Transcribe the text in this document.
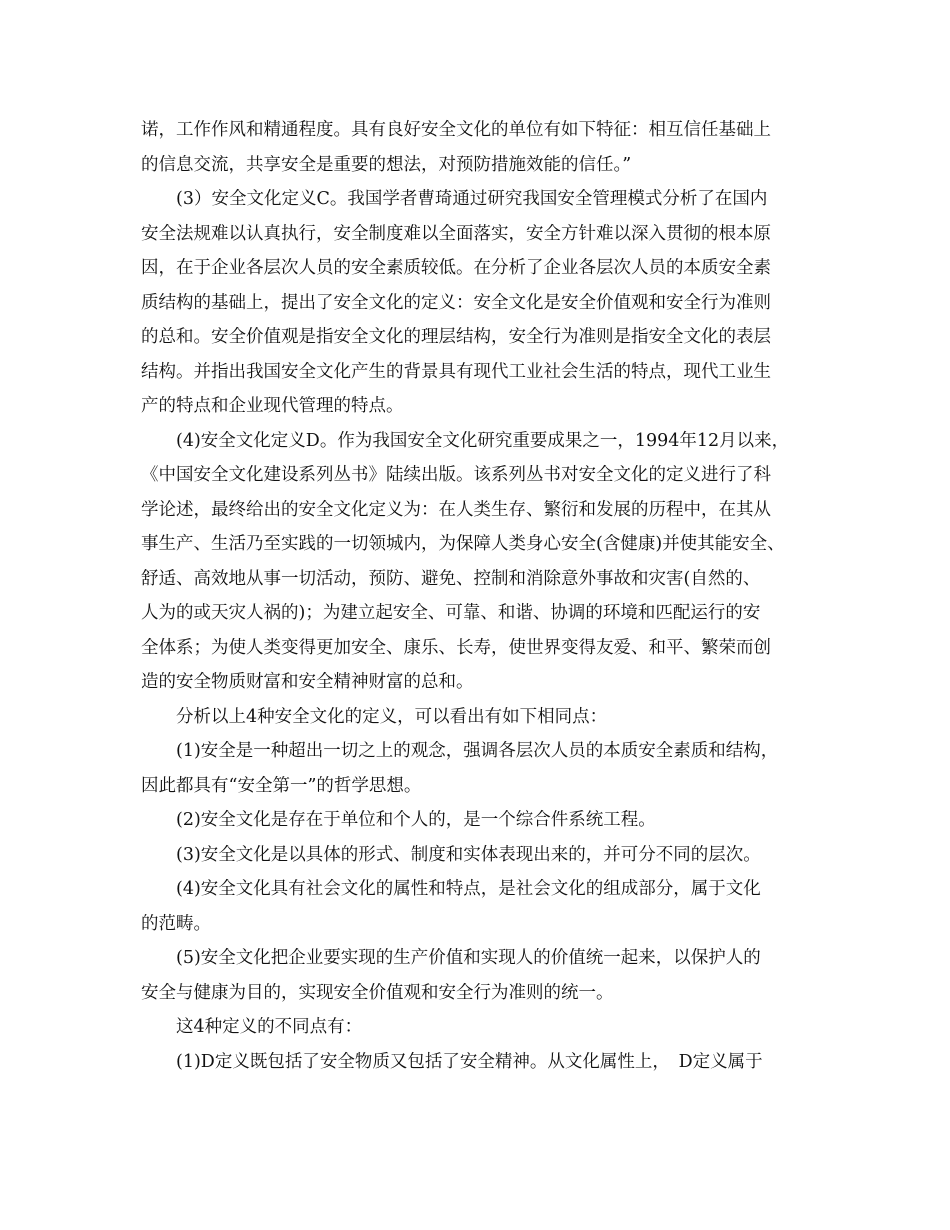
诺，工作作风和精通程度。具有良好安全文化的单位有如下特征：相互信任基础上
的信息交流，共享安全是重要的想法，对预防措施效能的信任。”
　　(3）安全文化定义C。我国学者曹琦通过研究我国安全管理模式分析了在国内
安全法规难以认真执行，安全制度难以全面落实，安全方针难以深入贯彻的根本原
因，在于企业各层次人员的安全素质较低。在分析了企业各层次人员的本质安全素
质结构的基础上，提出了安全文化的定义：安全文化是安全价值观和安全行为准则
的总和。安全价值观是指安全文化的理层结构，安全行为准则是指安全文化的表层
结构。并指出我国安全文化产生的背景具有现代工业社会生活的特点，现代工业生
产的特点和企业现代管理的特点。
　　(4)安全文化定义D。作为我国安全文化研究重要成果之一，1994年12月以来，
《中国安全文化建设系列丛书》陆续出版。该系列丛书对安全文化的定义进行了科
学论述，最终给出的安全文化定义为：在人类生存、繁衍和发展的历程中，在其从
事生产、生活乃至实践的一切领城内，为保障人类身心安全(含健康)并使其能安全、
舒适、高效地从事一切活动，预防、避免、控制和消除意外事故和灾害(自然的、
人为的或天灾人祸的)；为建立起安全、可靠、和谐、协调的环境和匹配运行的安
全体系；为使人类变得更加安全、康乐、长寿，使世界变得友爱、和平、繁荣而创
造的安全物质财富和安全精神财富的总和。
　　分析以上4种安全文化的定义，可以看出有如下相同点：
　　(1)安全是一种超出一切之上的观念，强调各层次人员的本质安全素质和结构，
因此都具有“安全第一”的哲学思想。
　　(2)安全文化是存在于单位和个人的，是一个综合件系统工程。
　　(3)安全文化是以具体的形式、制度和实体表现出来的，并可分不同的层次。
　　(4)安全文化具有社会文化的属性和特点，是社会文化的组成部分，属于文化
的范畴。
　　(5)安全文化把企业要实现的生产价值和实现人的价值统一起来，以保护人的
安全与健康为目的，实现安全价值观和安全行为准则的统一。
　　这4种定义的不同点有：
　　(1)D定义既包括了安全物质又包括了安全精神。从文化属性上，　D定义属于
